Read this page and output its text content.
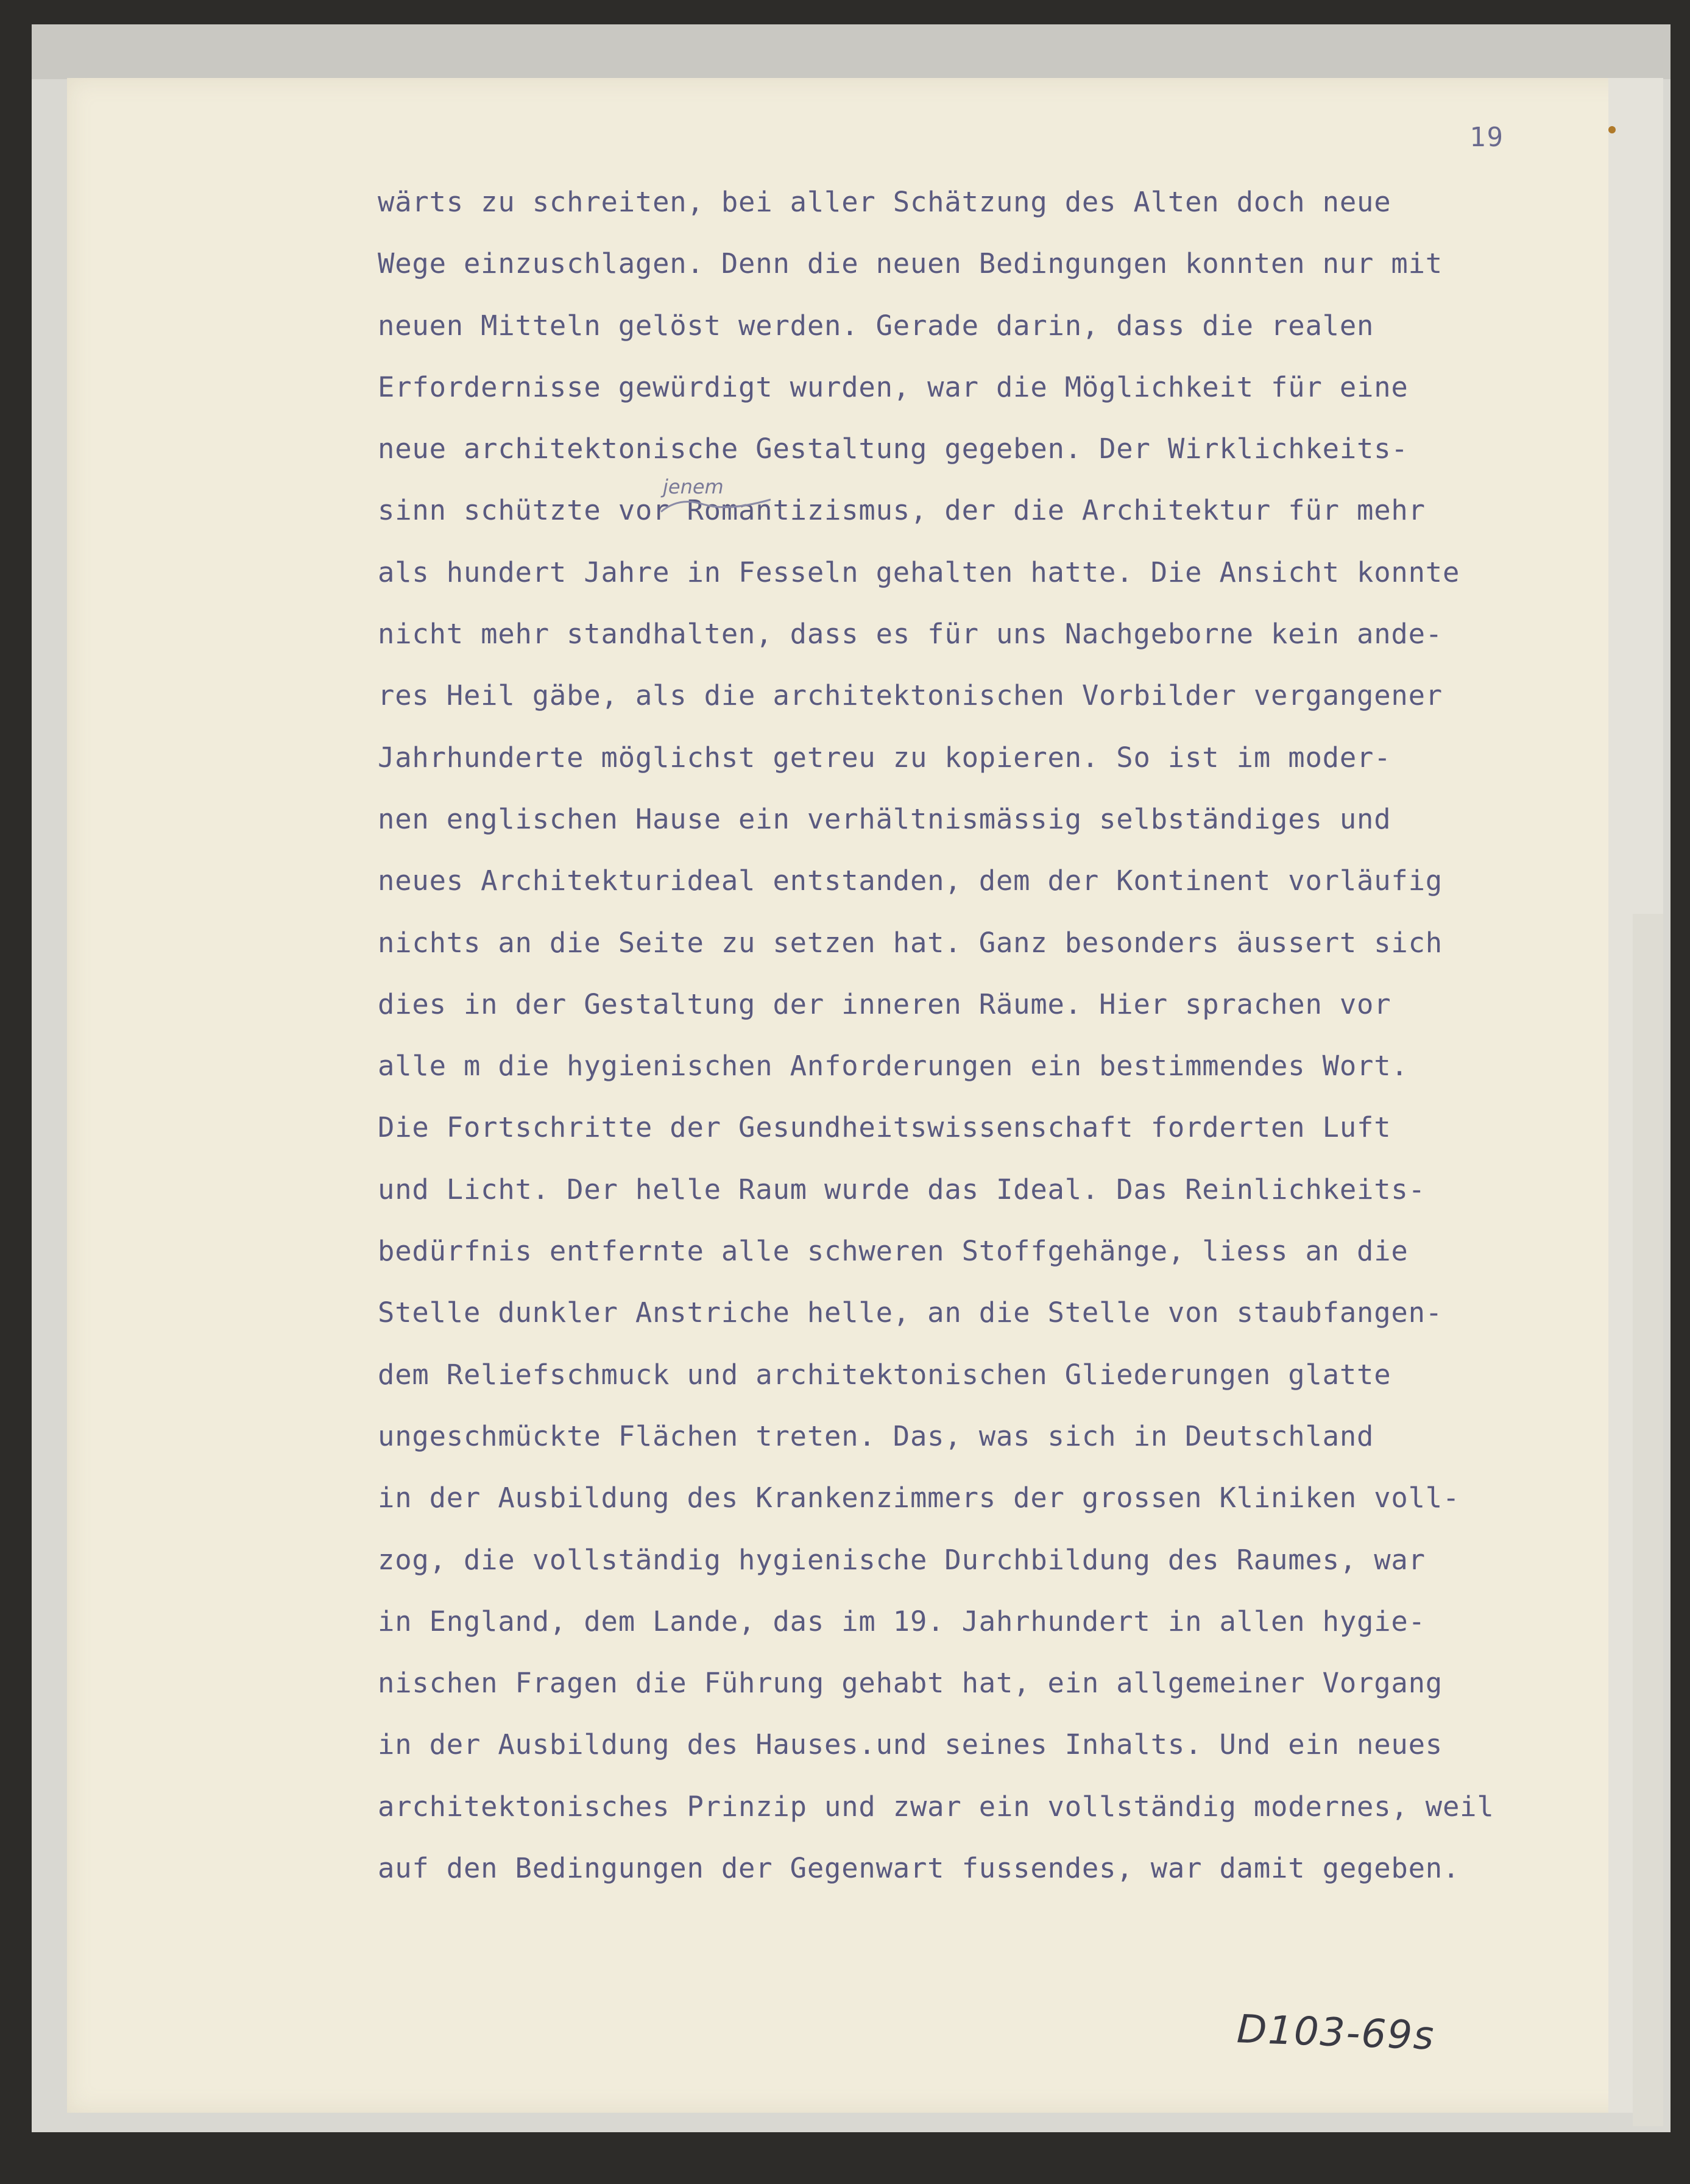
19
wärts zu schreiten, bei aller Schätzung des Alten doch neue
Wege einzuschlagen. Denn die neuen Bedingungen konnten nur mit
neuen Mitteln gelöst werden. Gerade darin, dass die realen
Erfordernisse gewürdigt wurden, war die Möglichkeit für eine
neue architektonische Gestaltung gegeben. Der Wirklichkeits-
sinn schützte vor Romantizismus, der die Architektur für mehr
als hundert Jahre in Fesseln gehalten hatte. Die Ansicht konnte
nicht mehr standhalten, dass es für uns Nachgeborne kein ande-
res Heil gäbe, als die architektonischen Vorbilder vergangener
Jahrhunderte möglichst getreu zu kopieren. So ist im moder-
nen englischen Hause ein verhältnismässig selbständiges und
neues Architekturideal entstanden, dem der Kontinent vorläufig
nichts an die Seite zu setzen hat. Ganz besonders äussert sich
dies in der Gestaltung der inneren Räume. Hier sprachen vor
alle m die hygienischen Anforderungen ein bestimmendes Wort.
Die Fortschritte der Gesundheitswissenschaft forderten Luft
und Licht. Der helle Raum wurde das Ideal. Das Reinlichkeits-
bedürfnis entfernte alle schweren Stoffgehänge, liess an die
Stelle dunkler Anstriche helle, an die Stelle von staubfangen-
dem Reliefschmuck und architektonischen Gliederungen glatte
ungeschmückte Flächen treten. Das, was sich in Deutschland
in der Ausbildung des Krankenzimmers der grossen Kliniken voll-
zog, die vollständig hygienische Durchbildung des Raumes, war
in England, dem Lande, das im 19. Jahrhundert in allen hygie-
nischen Fragen die Führung gehabt hat, ein allgemeiner Vorgang
in der Ausbildung des Hauses.und seines Inhalts. Und ein neues
architektonisches Prinzip und zwar ein vollständig modernes, weil
auf den Bedingungen der Gegenwart fussendes, war damit gegeben.
jenem
D103-69s
